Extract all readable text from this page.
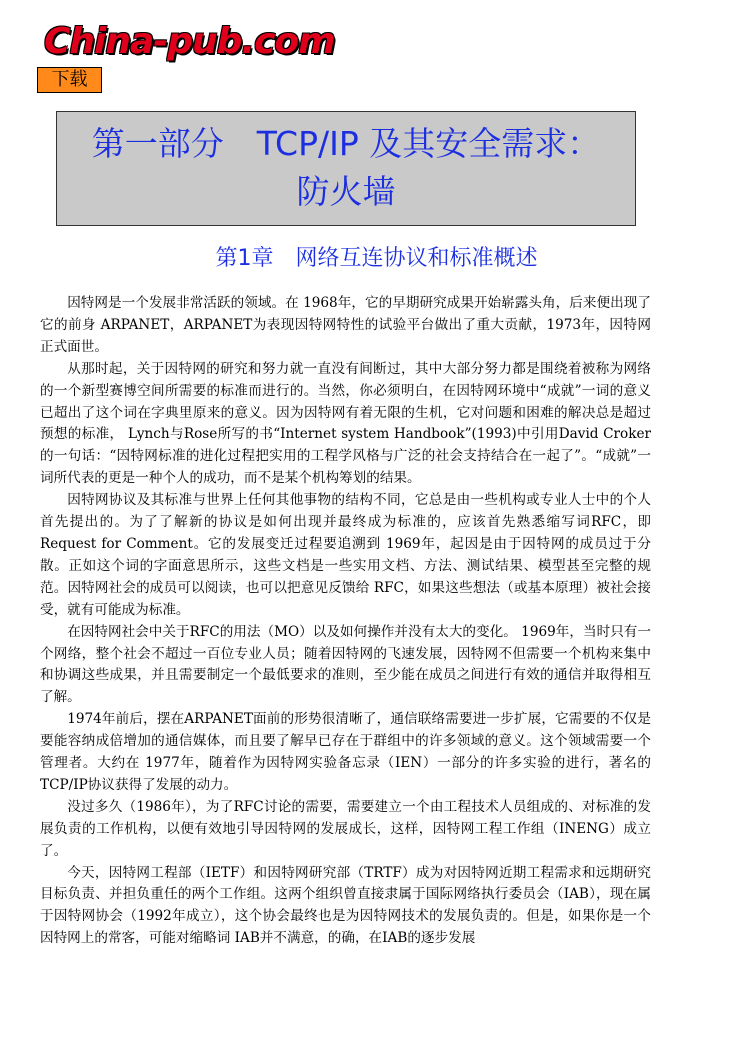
China-pub.com
下载
第一部分　TCP/IP 及其安全需求：
防火墙
第1章　网络互连协议和标准概述

因特网是一个发展非常活跃的领域。在 1968年，它的早期研究成果开始崭露头角，后来便出现了它的前身 ARPANET，ARPANET为表现因特网特性的试验平台做出了重大贡献，1973年，因特网正式面世。

从那时起，关于因特网的研究和努力就一直没有间断过，其中大部分努力都是围绕着被称为网络的一个新型赛博空间所需要的标准而进行的。当然，你必须明白，在因特网环境中“成就”一词的意义已超出了这个词在字典里原来的意义。因为因特网有着无限的生机，它对问题和困难的解决总是超过预想的标准， Lynch与Rose所写的书“Internet system Handbook”(1993)中引用David Croker的一句话：“因特网标准的进化过程把实用的工程学风格与广泛的社会支持结合在一起了”。“成就”一词所代表的更是一种个人的成功，而不是某个机构筹划的结果。

因特网协议及其标准与世界上任何其他事物的结构不同，它总是由一些机构或专业人士中的个人首先提出的。为了了解新的协议是如何出现并最终成为标准的，应该首先熟悉缩写词RFC，即Request for Comment。它的发展变迁过程要追溯到 1969年，起因是由于因特网的成员过于分散。正如这个词的字面意思所示，这些文档是一些实用文档、方法、测试结果、模型甚至完整的规范。因特网社会的成员可以阅读，也可以把意见反馈给 RFC，如果这些想法（或基本原理）被社会接受，就有可能成为标准。

在因特网社会中关于RFC的用法（MO）以及如何操作并没有太大的变化。 1969年，当时只有一个网络，整个社会不超过一百位专业人员；随着因特网的飞速发展，因特网不但需要一个机构来集中和协调这些成果，并且需要制定一个最低要求的准则，至少能在成员之间进行有效的通信并取得相互了解。

1974年前后，摆在ARPANET面前的形势很清晰了，通信联络需要进一步扩展，它需要的不仅是要能容纳成倍增加的通信媒体，而且要了解早已存在于群组中的许多领域的意义。这个领域需要一个管理者。大约在 1977年，随着作为因特网实验备忘录（IEN）一部分的许多实验的进行，著名的TCP/IP协议获得了发展的动力。

没过多久（1986年），为了RFC讨论的需要，需要建立一个由工程技术人员组成的、对标准的发展负责的工作机构，以便有效地引导因特网的发展成长，这样，因特网工程工作组（INENG）成立了。

今天，因特网工程部（IETF）和因特网研究部（TRTF）成为对因特网近期工程需求和远期研究目标负责、并担负重任的两个工作组。这两个组织曾直接隶属于国际网络执行委员会（IAB），现在属于因特网协会（1992年成立），这个协会最终也是为因特网技术的发展负责的。但是，如果你是一个因特网上的常客，可能对缩略词 IAB并不满意，的确，在IAB的逐步发展
